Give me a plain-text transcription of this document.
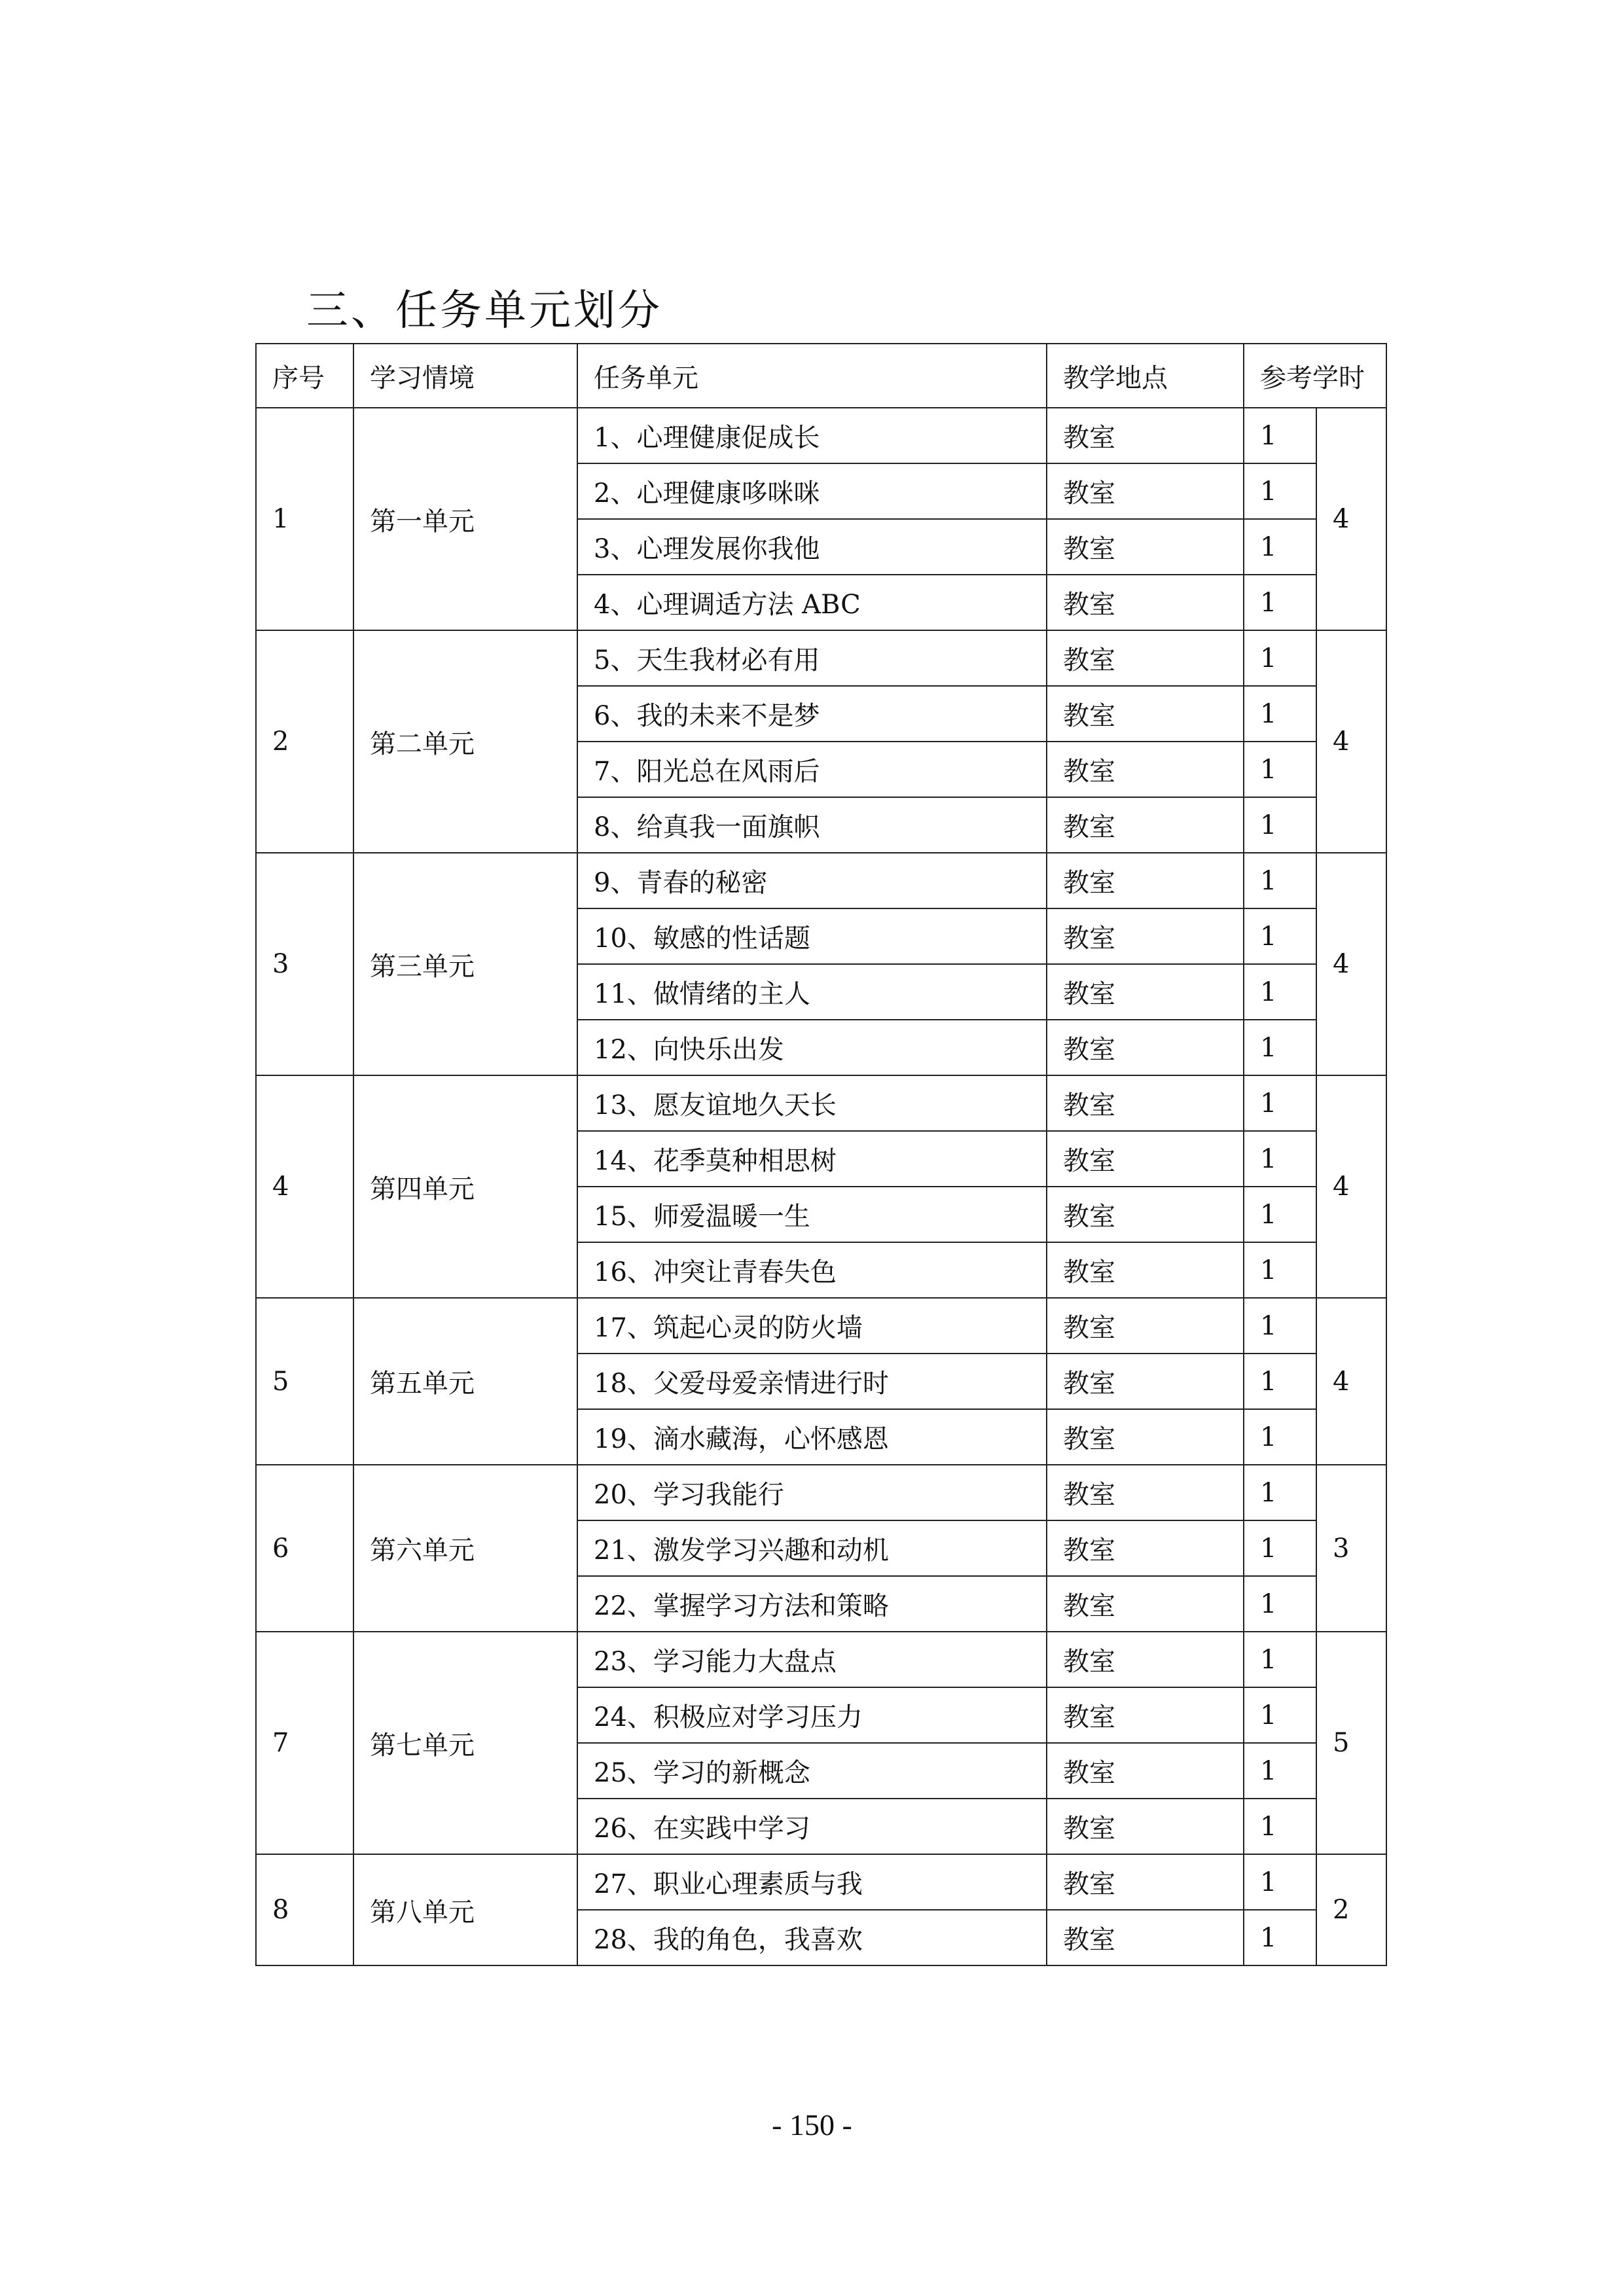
三、任务单元划分
序号	学习情境	任务单元	教学地点	参考学时	
1	第一单元	1、心理健康促成长	教室	1	4
		2、心理健康哆咪咪	教室	1	
		3、心理发展你我他	教室	1	
		4、心理调适方法 ABC	教室	1	
2	第二单元	5、天生我材必有用	教室	1	4
		6、我的未来不是梦	教室	1	
		7、阳光总在风雨后	教室	1	
		8、给真我一面旗帜	教室	1	
3	第三单元	9、青春的秘密	教室	1	4
		10、敏感的性话题	教室	1	
		11、做情绪的主人	教室	1	
		12、向快乐出发	教室	1	
4	第四单元	13、愿友谊地久天长	教室	1	4
		14、花季莫种相思树	教室	1	
		15、师爱温暖一生	教室	1	
		16、冲突让青春失色	教室	1	
5	第五单元	17、筑起心灵的防火墙	教室	1	4
		18、父爱母爱亲情进行时	教室	1	
		19、滴水藏海，心怀感恩	教室	1	
6	第六单元	20、学习我能行	教室	1	3
		21、激发学习兴趣和动机	教室	1	
		22、掌握学习方法和策略	教室	1	
7	第七单元	23、学习能力大盘点	教室	1	5
		24、积极应对学习压力	教室	1	
		25、学习的新概念	教室	1	
		26、在实践中学习	教室	1	
8	第八单元	27、职业心理素质与我	教室	1	2
		28、我的角色，我喜欢	教室	1	
- 150 -
